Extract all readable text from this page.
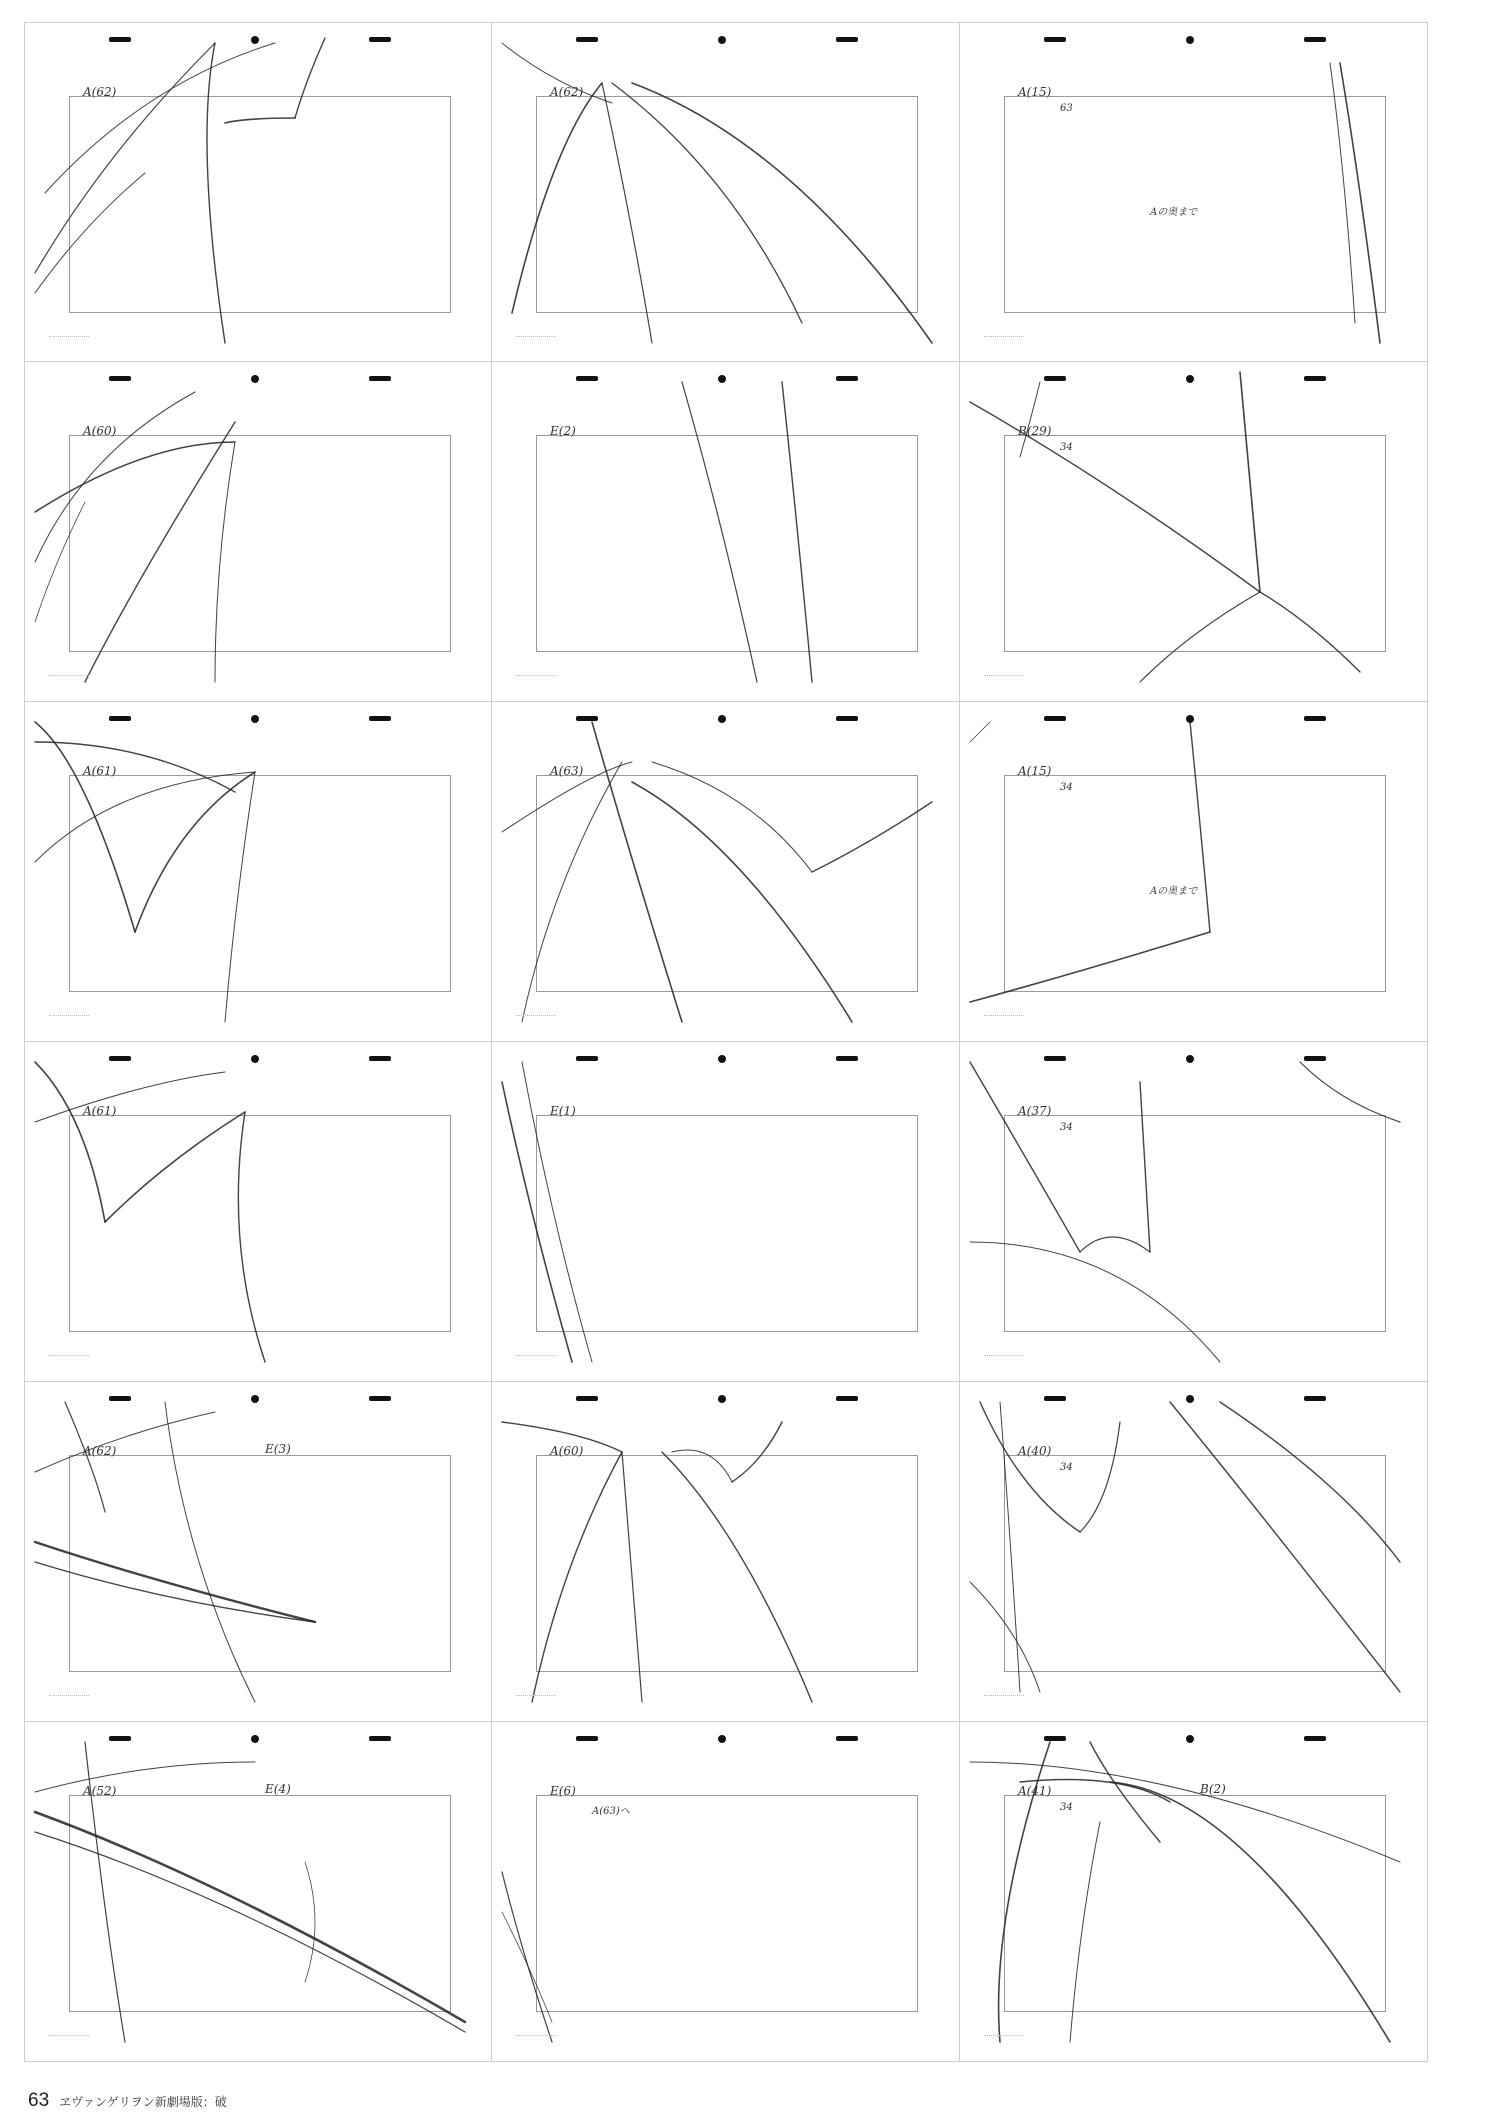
A(62)	A(62)	A(15)
63
Aの奥まで
A(60)	E(2)	B(29)
34
A(61)	A(63)	A(15)
34
Aの奥まで
A(61)	E(1)	A(37)
34
A(62)	E(3)	A(60)	A(40)
34
A(52)	E(4)	E(6)
A(63)へ
A(41)	B(2)
34
63 ヱヴァンゲリヲン新劇場版：破
